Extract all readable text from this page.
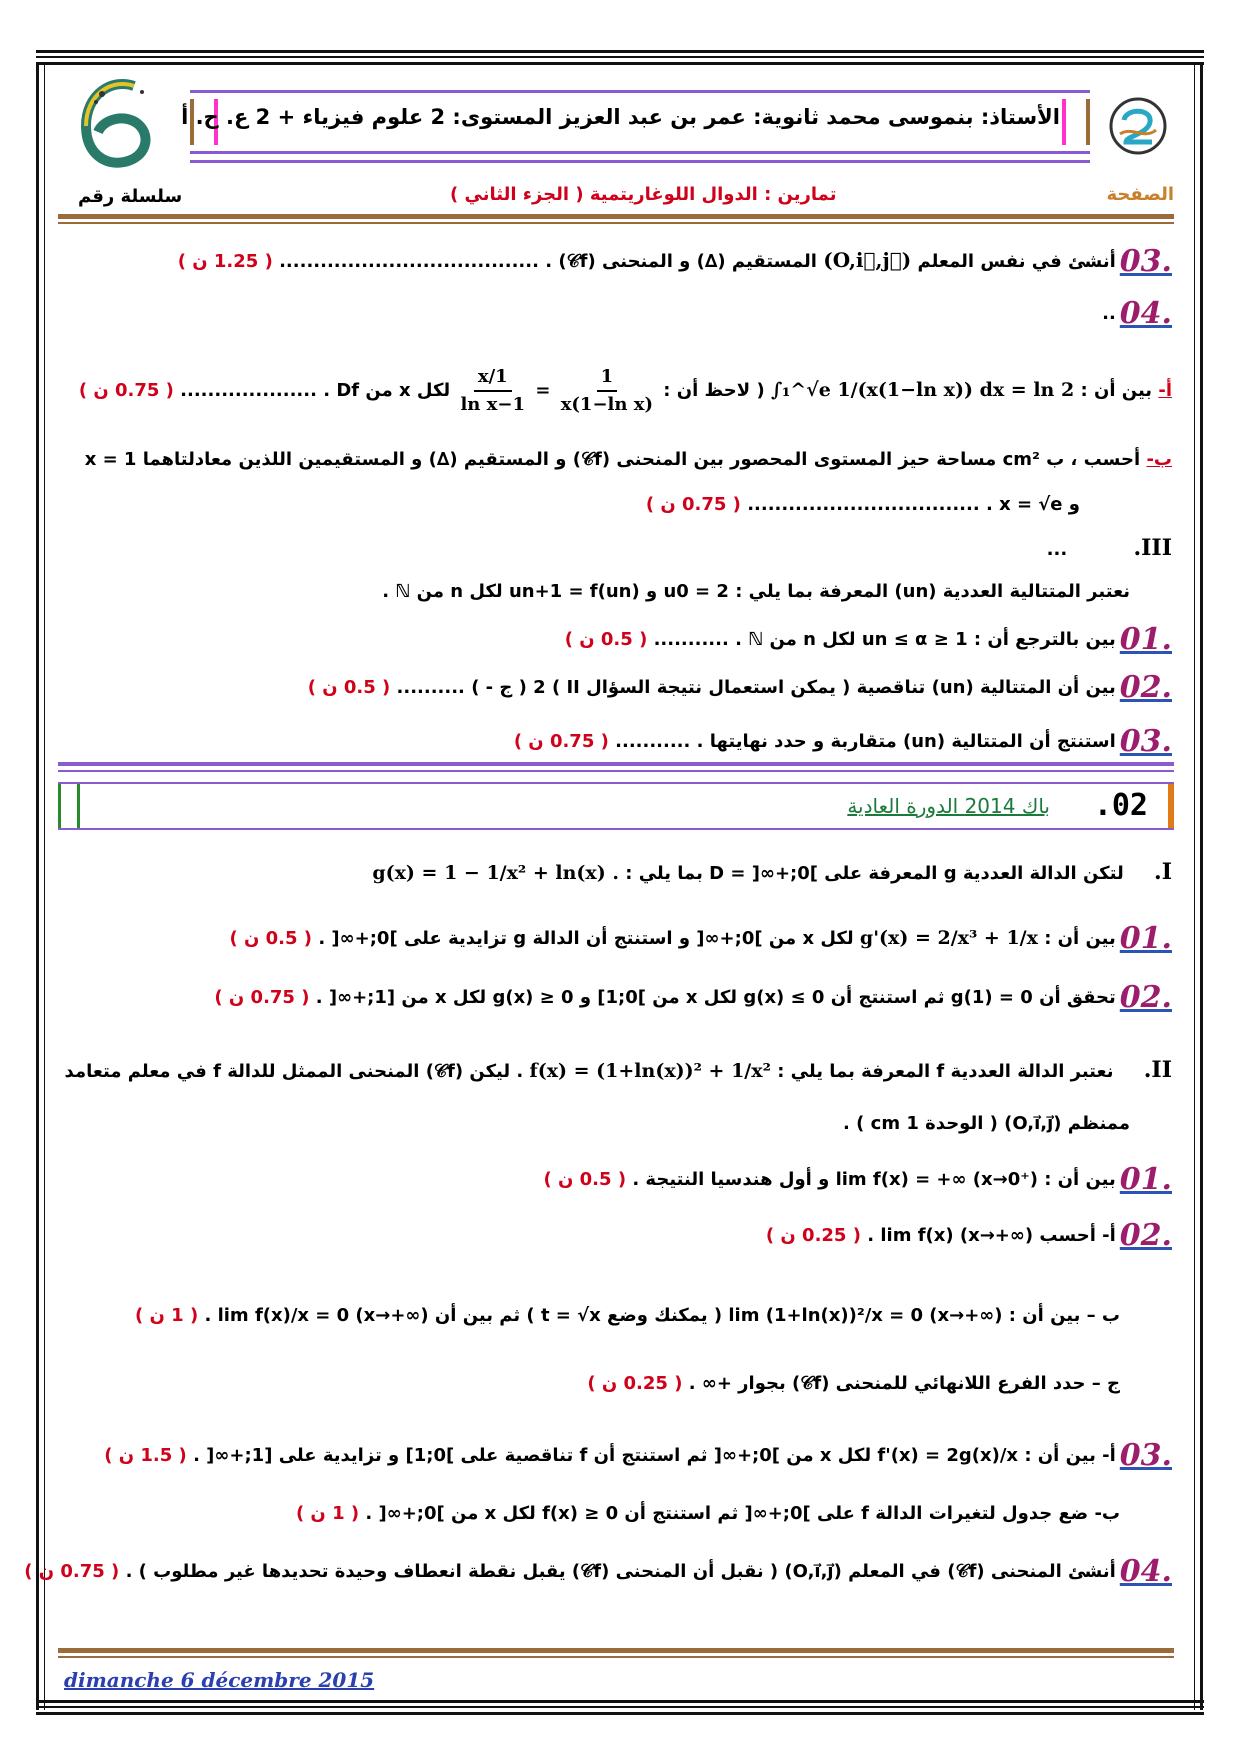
الأستاذ: بنموسى محمد ثانوية: عمر بن عبد العزيز المستوى: 2 علوم فيزياء + 2 ع. ح. أ
الصفحة
سلسلة رقم	تمارين : الدوال اللوغاريتمية ( الجزء الثاني )
.03أنشئ في نفس المعلم (O,i⃗,j⃗) المستقيم (∆) و المنحنى (𝒞f) . ...................................... ( 1.25 ن )
.04..
أ- بين أن : ∫₁^√e 1/(x(1−ln x)) dx = ln 2 ( لاحظ أن :
$\frac{1}{\text{x(1−ln x)}}$
=
$\frac{1/x}{\text{1−ln x}}$
لكل x من Df . .................... ( 0.75 ن )
ب- أحسب ، ب cm² مساحة حيز المستوى المحصور بين المنحنى (𝒞f) و المستقيم (∆) و المستقيمين اللذين معادلتاهما x = 1
و x = √e . .................................. ( 0.75 ن )
III. ...
نعتبر المتتالية العددية (un) المعرفة بما يلي : u0 = 2 و un+1 = f(un) لكل n من ℕ .
.01بين بالترجع أن : 1 ≤ un ≤ α لكل n من ℕ . ........... ( 0.5 ن )
.02بين أن المتتالية (un) تناقصية ( يمكن استعمال نتيجة السؤال II ) 2 ( ج - ) .......... ( 0.5 ن )
.03استنتج أن المتتالية (un) متقاربة و حدد نهايتها . ........... ( 0.75 ن )
.02
باك 2014 الدورة العادية
I. لتكن الدالة العددية g المعرفة على ]0;+∞[ = D بما يلي : g(x) = 1 − 1/x² + ln(x) .
.01بين أن : g'(x) = 2/x³ + 1/x لكل x من ]0;+∞[ و استنتج أن الدالة g تزايدية على ]0;+∞[ . ( 0.5 ن )
.02تحقق أن g(1) = 0 ثم استنتج أن g(x) ≤ 0 لكل x من ]0;1] و g(x) ≥ 0 لكل x من [1;+∞[ . ( 0.75 ن )
II. نعتبر الدالة العددية f المعرفة بما يلي : f(x) = (1+ln(x))² + 1/x² . ليكن (𝒞f) المنحنى الممثل للدالة f في معلم متعامد
ممنظم (O,i⃗,j⃗) ( الوحدة 1 cm ) .
.01بين أن : lim f(x) = +∞ (x→0⁺) و أول هندسيا النتيجة . ( 0.5 ن )
.02أ- أحسب lim f(x) (x→+∞) . ( 0.25 ن )
ب – بين أن : lim (1+ln(x))²/x = 0 (x→+∞) ( يمكنك وضع t = √x ) ثم بين أن lim f(x)/x = 0 (x→+∞) . ( 1 ن )
ج – حدد الفرع اللانهائي للمنحنى (𝒞f) بجوار +∞ . ( 0.25 ن )
.03أ- بين أن : f'(x) = 2g(x)/x لكل x من ]0;+∞[ ثم استنتج أن f تناقصية على ]0;1] و تزايدية على [1;+∞[ . ( 1.5 ن )
ب- ضع جدول لتغيرات الدالة f على ]0;+∞[ ثم استنتج أن f(x) ≥ 0 لكل x من ]0;+∞[ . ( 1 ن )
.04أنشئ المنحنى (𝒞f) في المعلم (O,i⃗,j⃗) ( نقبل أن المنحنى (𝒞f) يقبل نقطة انعطاف وحيدة تحديدها غير مطلوب ) . ( 0.75 ن )
dimanche 6 décembre 2015
